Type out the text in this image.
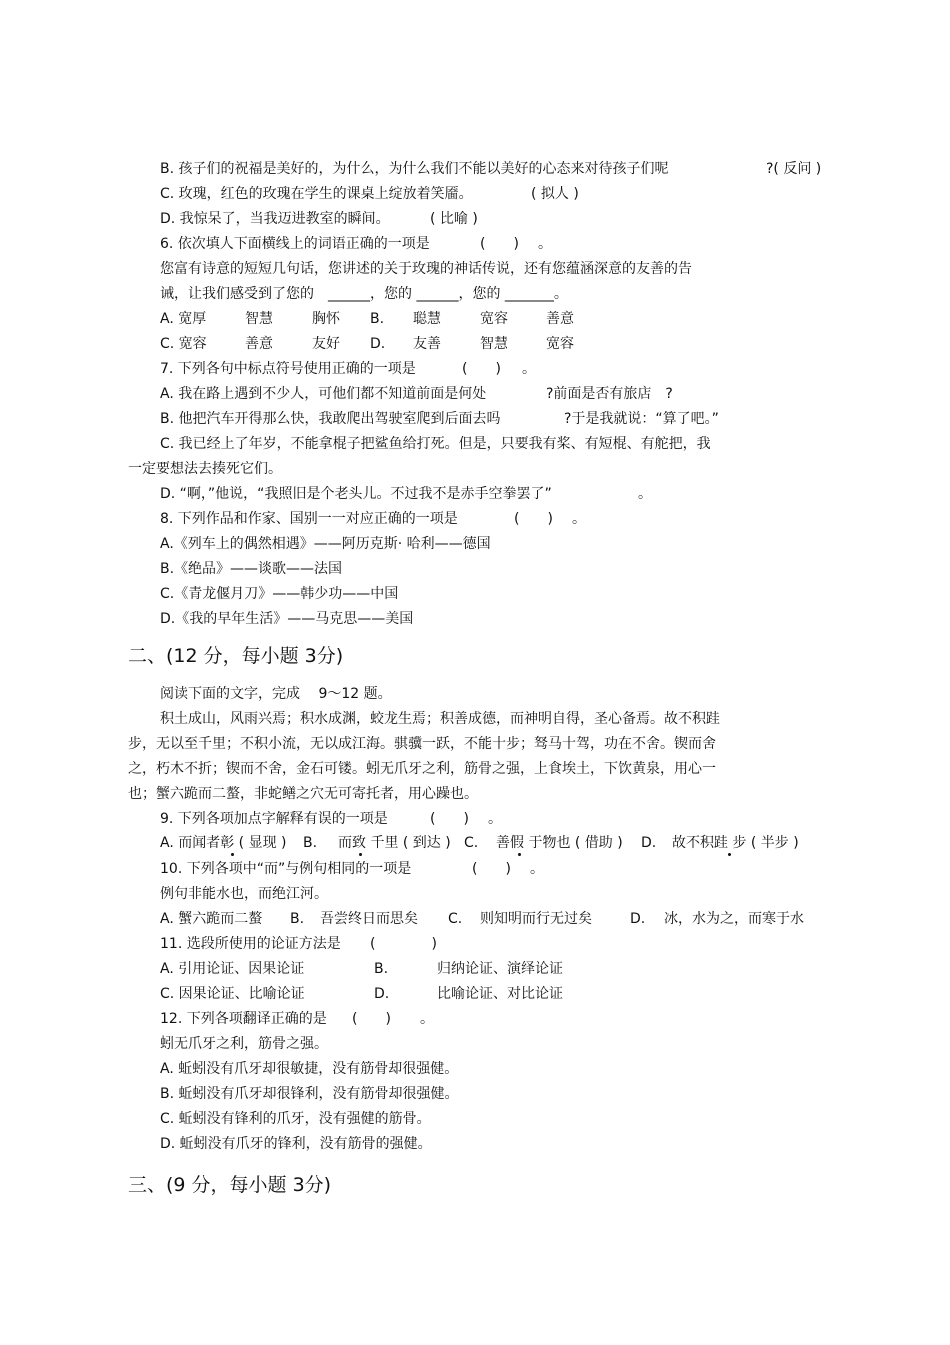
B. 孩子们的祝福是美好的，为什么，为什么我们不能以美好的心态来对待孩子们呢	?( 反问 )
C. 玫瑰，红色的玫瑰在学生的课桌上绽放着笑靥。	( 拟人 )
D. 我惊呆了，当我迈进教室的瞬间。	( 比喻 )
6. 依次填人下面横线上的词语正确的一项是	(　　) 。
您富有诗意的短短几句话，您讲述的关于玫瑰的神话传说，还有您蕴涵深意的友善的告
诫，让我们感受到了您的　______，您的 ______，您的 _______。
A. 宽厚	智慧	胸怀 B. 聪慧	宽容	善意
C. 宽容	善意	友好 D. 友善	智慧	宽容
7. 下列各句中标点符号使用正确的一项是	(　　) 。
A. 我在路上遇到不少人，可他们都不知道前面是何处	?前面是否有旅店　?
B. 他把汽车开得那么快，我敢爬出驾驶室爬到后面去吗	?于是我就说：“算了吧。”
C. 我已经上了年岁，不能拿棍子把鲨鱼给打死。但是，只要我有桨、有短棍、有舵把，我
一定要想法去揍死它们。
D. “啊，”他说，“我照旧是个老头儿。不过我不是赤手空拳罢了”	。
8. 下列作品和作家、国别一一对应正确的一项是	(　　) 。
A.《列车上的偶然相遇》——阿历克斯· 哈利——德国
B.《绝品》——谈歌——法国
C.《青龙偃月刀》——韩少功——中国
D.《我的早年生活》——马克思——美国
二、(12 分，每小题 3分)
阅读下面的文字，完成　 9～12 题。
积土成山，风雨兴焉；积水成渊，蛟龙生焉；积善成德，而神明自得，圣心备焉。故不积跬
步，无以至千里；不积小流，无以成江海。骐骥一跃，不能十步；驽马十驾，功在不舍。锲而舍
之，朽木不折；锲而不舍，金石可镂。蚓无爪牙之利，筋骨之强，上食埃土，下饮黄泉，用心一
也；蟹六跪而二螯，非蛇鳝之穴无可寄托者，用心躁也。
9. 下列各项加点字解释有误的一项是	(　　) 。
A. 而闻者彰 ( 显现 ) B. 而致 千里 ( 到达 ) C. 善假 于物也 ( 借助 ) D. 故不积跬 步 ( 半步 )
10. 下列各项中“而”与例句相同的一项是	(　　) 。
例句非能水也，而绝江河。
A. 蟹六跪而二螯 B. 吾尝终日而思矣 C. 则知明而行无过矣	D. 冰，水为之，而寒于水
11. 选段所使用的论证方法是 (　　　　)
A. 引用论证、因果论证	B.	归纳论证、演绎论证
C. 因果论证、比喻论证	D.	比喻论证、对比论证
12. 下列各项翻译正确的是 (　　) 。
蚓无爪牙之利，筋骨之强。
A. 蚯蚓没有爪牙却很敏捷，没有筋骨却很强健。
B. 蚯蚓没有爪牙却很锋利，没有筋骨却很强健。
C. 蚯蚓没有锋利的爪牙，没有强健的筋骨。
D. 蚯蚓没有爪牙的锋利，没有筋骨的强健。
三、(9 分，每小题 3分)
